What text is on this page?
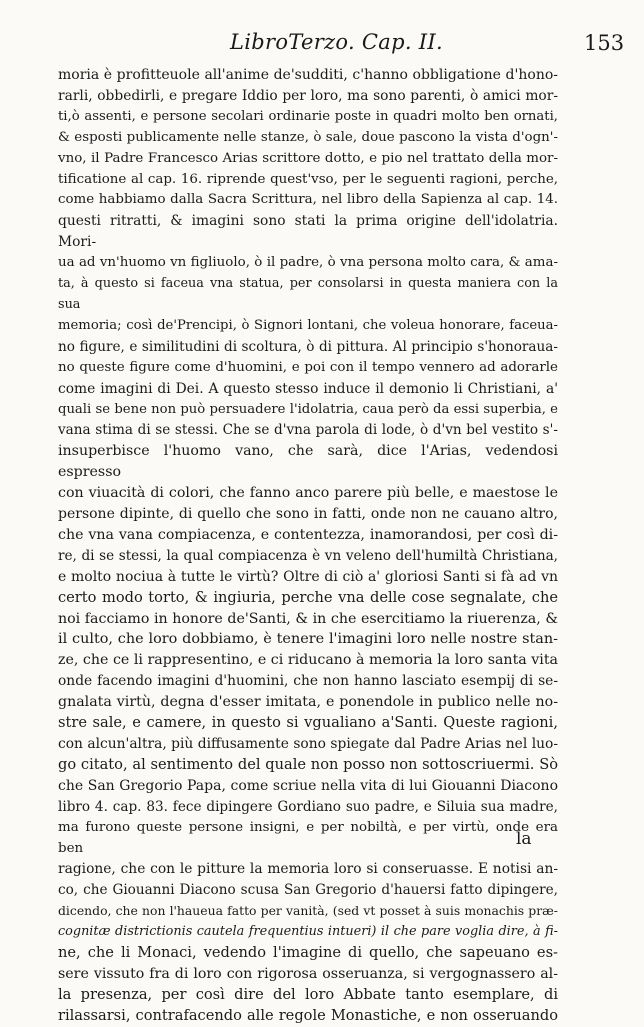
LibroTerzo. Cap. II.	153
moria è profitteuole all'anime de'sudditi, c'hanno obbligatione d'hono-
rarli, obbedirli, e pregare Iddio per loro, ma sono parenti, ò amici mor-
ti,ò assenti, e persone secolari ordinarie poste in quadri molto ben ornati,
& esposti publicamente nelle stanze, ò sale, doue pascono la vista d'ogn'-
vno, il Padre Francesco Arias scrittore dotto, e pio nel trattato della mor-
tificatione al cap. 16. riprende quest'vso, per le seguenti ragioni, perche,
come habbiamo dalla Sacra Scrittura, nel libro della Sapienza al cap. 14.
questi ritratti, & imagini sono stati la prima origine dell'idolatria. Mori-
ua ad vn'huomo vn figliuolo, ò il padre, ò vna persona molto cara, & ama-
ta, à questo si faceua vna statua, per consolarsi in questa maniera con la sua
memoria; così de'Prencipi, ò Signori lontani, che voleua honorare, faceua-
no figure, e similitudini di scoltura, ò di pittura. Al principio s'honoraua-
no queste figure come d'huomini, e poi con il tempo vennero ad adorarle
come imagini di Dei. A questo stesso induce il demonio li Christiani, a'
quali se bene non può persuadere l'idolatria, caua però da essi superbia, e
vana stima di se stessi. Che se d'vna parola di lode, ò d'vn bel vestito s'-
insuperbisce l'huomo vano, che sarà, dice l'Arias, vedendosi espresso
con viuacità di colori, che fanno anco parere più belle, e maestose le
persone dipinte, di quello che sono in fatti, onde non ne cauano altro,
che vna vana compiacenza, e contentezza, inamorandosi, per così di-
re, di se stessi, la qual compiacenza è vn veleno dell'humiltà Christiana,
e molto nociua à tutte le virtù? Oltre di ciò a' gloriosi Santi si fà ad vn
certo modo torto, & ingiuria, perche vna delle cose segnalate, che
noi facciamo in honore de'Santi, & in che esercitiamo la riuerenza, &
il culto, che loro dobbiamo, è tenere l'imagini loro nelle nostre stan-
ze, che ce li rappresentino, e ci riducano à memoria la loro santa vita
onde facendo imagini d'huomini, che non hanno lasciato esempij di se-
gnalata virtù, degna d'esser imitata, e ponendole in publico nelle no-
stre sale, e camere, in questo si vgualiano a'Santi. Queste ragioni,
con alcun'altra, più diffusamente sono spiegate dal Padre Arias nel luo-
go citato, al sentimento del quale non posso non sottoscriuermi. Sò
che San Gregorio Papa, come scriue nella vita di lui Giouanni Diacono
libro 4. cap. 83. fece dipingere Gordiano suo padre, e Siluia sua madre,
ma furono queste persone insigni, e per nobiltà, e per virtù, onde era ben
ragione, che con le pitture la memoria loro si conseruasse. E notisi an-
co, che Giouanni Diacono scusa San Gregorio d'hauersi fatto dipingere,
dicendo, che non l'haueua fatto per vanità, (sed vt posset à suis monachis præ-
cognitæ districtionis cautela frequentius intueri) il che pare voglia dire, à fi-
ne, che li Monaci, vedendo l'imagine di quello, che sapeuano es-
sere vissuto fra di loro con rigorosa osseruanza, si vergognassero al-
la presenza, per così dire del loro Abbate tanto esemplare, di
rilassarsi, contrafacendo alle regole Monastiche, e non osseruando
la
